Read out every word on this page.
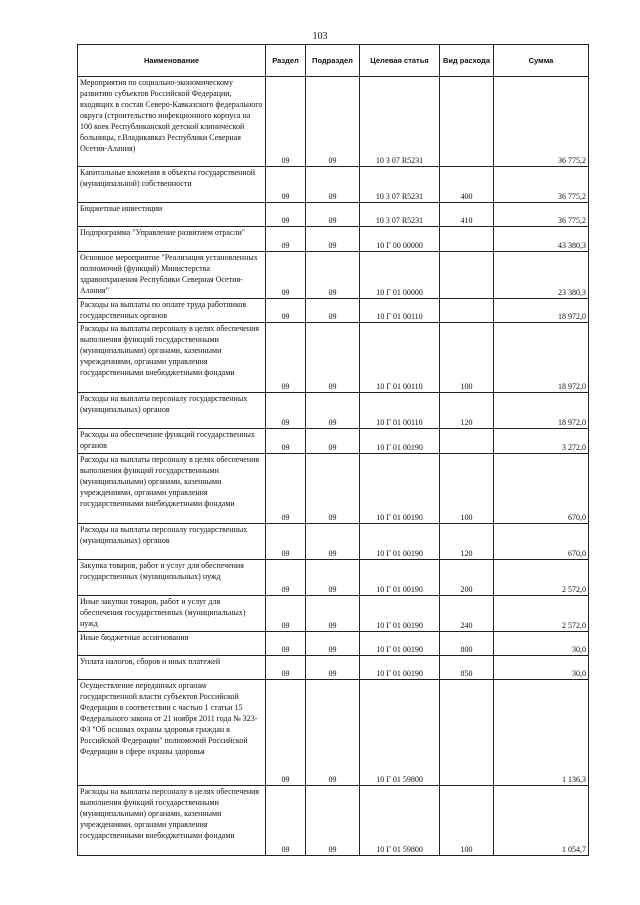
103
Наименование	Раздел	Подраздел	Целевая статья	Вид расхода	Сумма
Мероприятия по социально-экономическому развитию субъектов Российской Федерации, входящих в состав Северо-Кавказского федерального округа (строительство инфекционного корпуса на 100 коек Республиканской детской клинической больницы, г.Владикавказ Республики Северная Осетия-Алания)	09	09	10 3 07 R5231		36 775,2
Капитальные вложения в объекты государственной (муниципальной) собственности	09	09	10 3 07 R5231	400	36 775,2
Бюджетные инвестиции	09	09	10 3 07 R5231	410	36 775,2
Подпрограмма "Управление развитием отрасли"	09	09	10 Г 00 00000		43 380,3
Основное мероприятие "Реализация установленных полномочий (функций) Министерства здравоохранения Республики Северная Осетия-Алания"	09	09	10 Г 01 00000		23 380,3
Расходы на выплаты по оплате труда работников государственных органов	09	09	10 Г 01 00110		18 972,0
Расходы на выплаты персоналу в целях обеспечения выполнения функций государственными (муниципальными) органами, казенными учреждениями, органами управления государственными внебюджетными фондами	09	09	10 Г 01 00110	100	18 972,0
Расходы на выплаты персоналу государственных (муниципальных) органов	09	09	10 Г 01 00110	120	18 972,0
Расходы на обеспечение функций государственных органов	09	09	10 Г 01 00190		3 272,0
Расходы на выплаты персоналу в целях обеспечения выполнения функций государственными (муниципальными) органами, казенными учреждениями, органами управления государственными внебюджетными фондами	09	09	10 Г 01 00190	100	670,0
Расходы на выплаты персоналу государственных (муниципальных) органов	09	09	10 Г 01 00190	120	670,0
Закупка товаров, работ и услуг для обеспечения государственных (муниципальных) нужд	09	09	10 Г 01 00190	200	2 572,0
Иные закупки товаров, работ и услуг для обеспечения государственных (муниципальных) нужд	09	09	10 Г 01 00190	240	2 572,0
Иные бюджетные ассигнования	09	09	10 Г 01 00190	800	30,0
Уплата налогов, сборов и иных платежей	09	09	10 Г 01 00190	850	30,0
Осуществление переданных органам государственной власти субъектов Российской Федерации в соответствии с частью 1 статьи 15 Федерального закона от 21 ноября 2011 года № 323-ФЗ "Об основах охраны здоровья граждан в Российской Федерации" полномочий Российской Федерации в сфере охраны здоровья	09	09	10 Г 01 59800		1 136,3
Расходы на выплаты персоналу в целях обеспечения выполнения функций государственными (муниципальными) органами, казенными учреждениями, органами управления государственными внебюджетными фондами	09	09	10 Г 01 59800	100	1 054,7
